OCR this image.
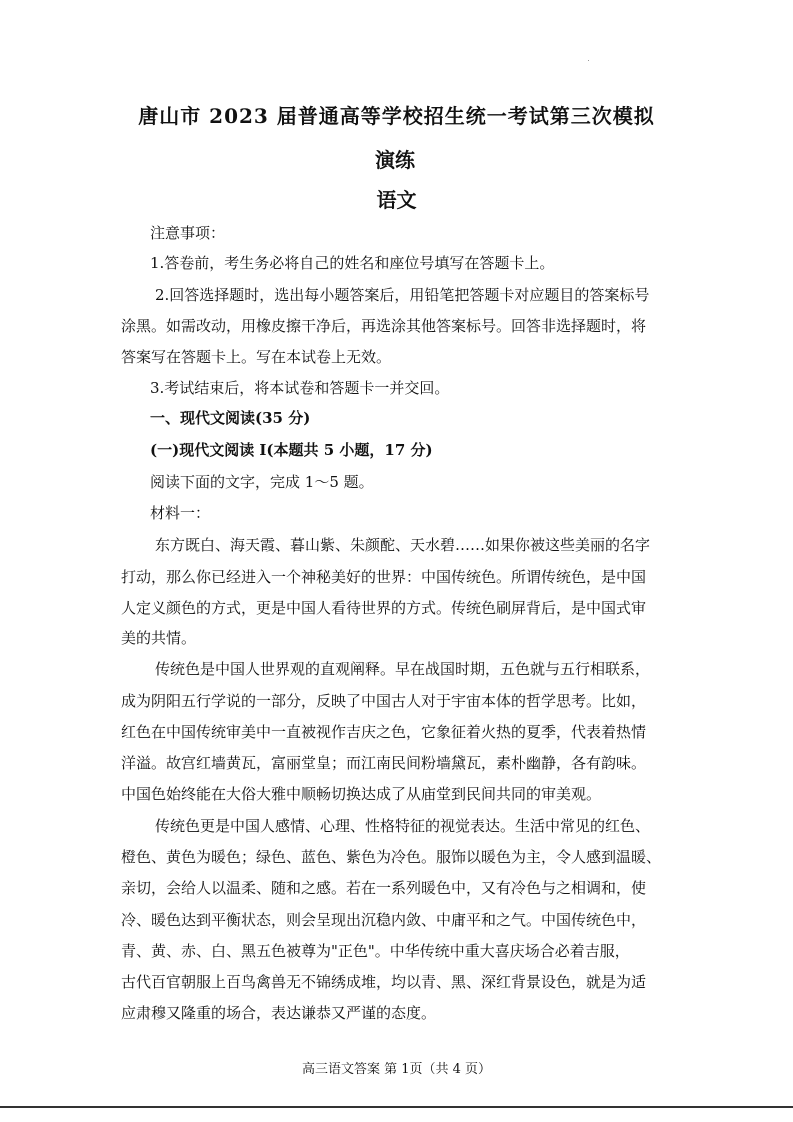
唐山市 2023 届普通高等学校招生统一考试第三次模拟
演练
语文
注意事项：
1.答卷前，考生务必将自己的姓名和座位号填写在答题卡上。
2.回答选择题时，选出每小题答案后，用铅笔把答题卡对应题目的答案标号
涂黑。如需改动，用橡皮擦干净后，再选涂其他答案标号。回答非选择题时，将
答案写在答题卡上。写在本试卷上无效。
3.考试结束后，将本试卷和答题卡一并交回。
一、现代文阅读(35 分)
(一)现代文阅读 I(本题共 5 小题，17 分)
阅读下面的文字，完成 1～5 题。
材料一：
东方既白、海天霞、暮山紫、朱颜酡、天水碧……如果你被这些美丽的名字
打动，那么你已经进入一个神秘美好的世界：中国传统色。所谓传统色，是中国
人定义颜色的方式，更是中国人看待世界的方式。传统色刷屏背后，是中国式审
美的共情。
传统色是中国人世界观的直观阐释。早在战国时期，五色就与五行相联系，
成为阴阳五行学说的一部分，反映了中国古人对于宇宙本体的哲学思考。比如，
红色在中国传统审美中一直被视作吉庆之色，它象征着火热的夏季，代表着热情
洋溢。故宫红墙黄瓦，富丽堂皇；而江南民间粉墙黛瓦，素朴幽静，各有韵味。
中国色始终能在大俗大雅中顺畅切换达成了从庙堂到民间共同的审美观。
传统色更是中国人感情、心理、性格特征的视觉表达。生活中常见的红色、
橙色、黄色为暖色；绿色、蓝色、紫色为冷色。服饰以暖色为主，令人感到温暖、
亲切，会给人以温柔、随和之感。若在一系列暖色中，又有冷色与之相调和，使
冷、暖色达到平衡状态，则会呈现出沉稳内敛、中庸平和之气。中国传统色中，
青、黄、赤、白、黑五色被尊为"正色"。中华传统中重大喜庆场合必着吉服，
古代百官朝服上百鸟禽兽无不锦绣成堆，均以青、黑、深红背景设色，就是为适
应肃穆又隆重的场合，表达谦恭又严谨的态度。
高三语文答案 第 1页（共 4 页）
